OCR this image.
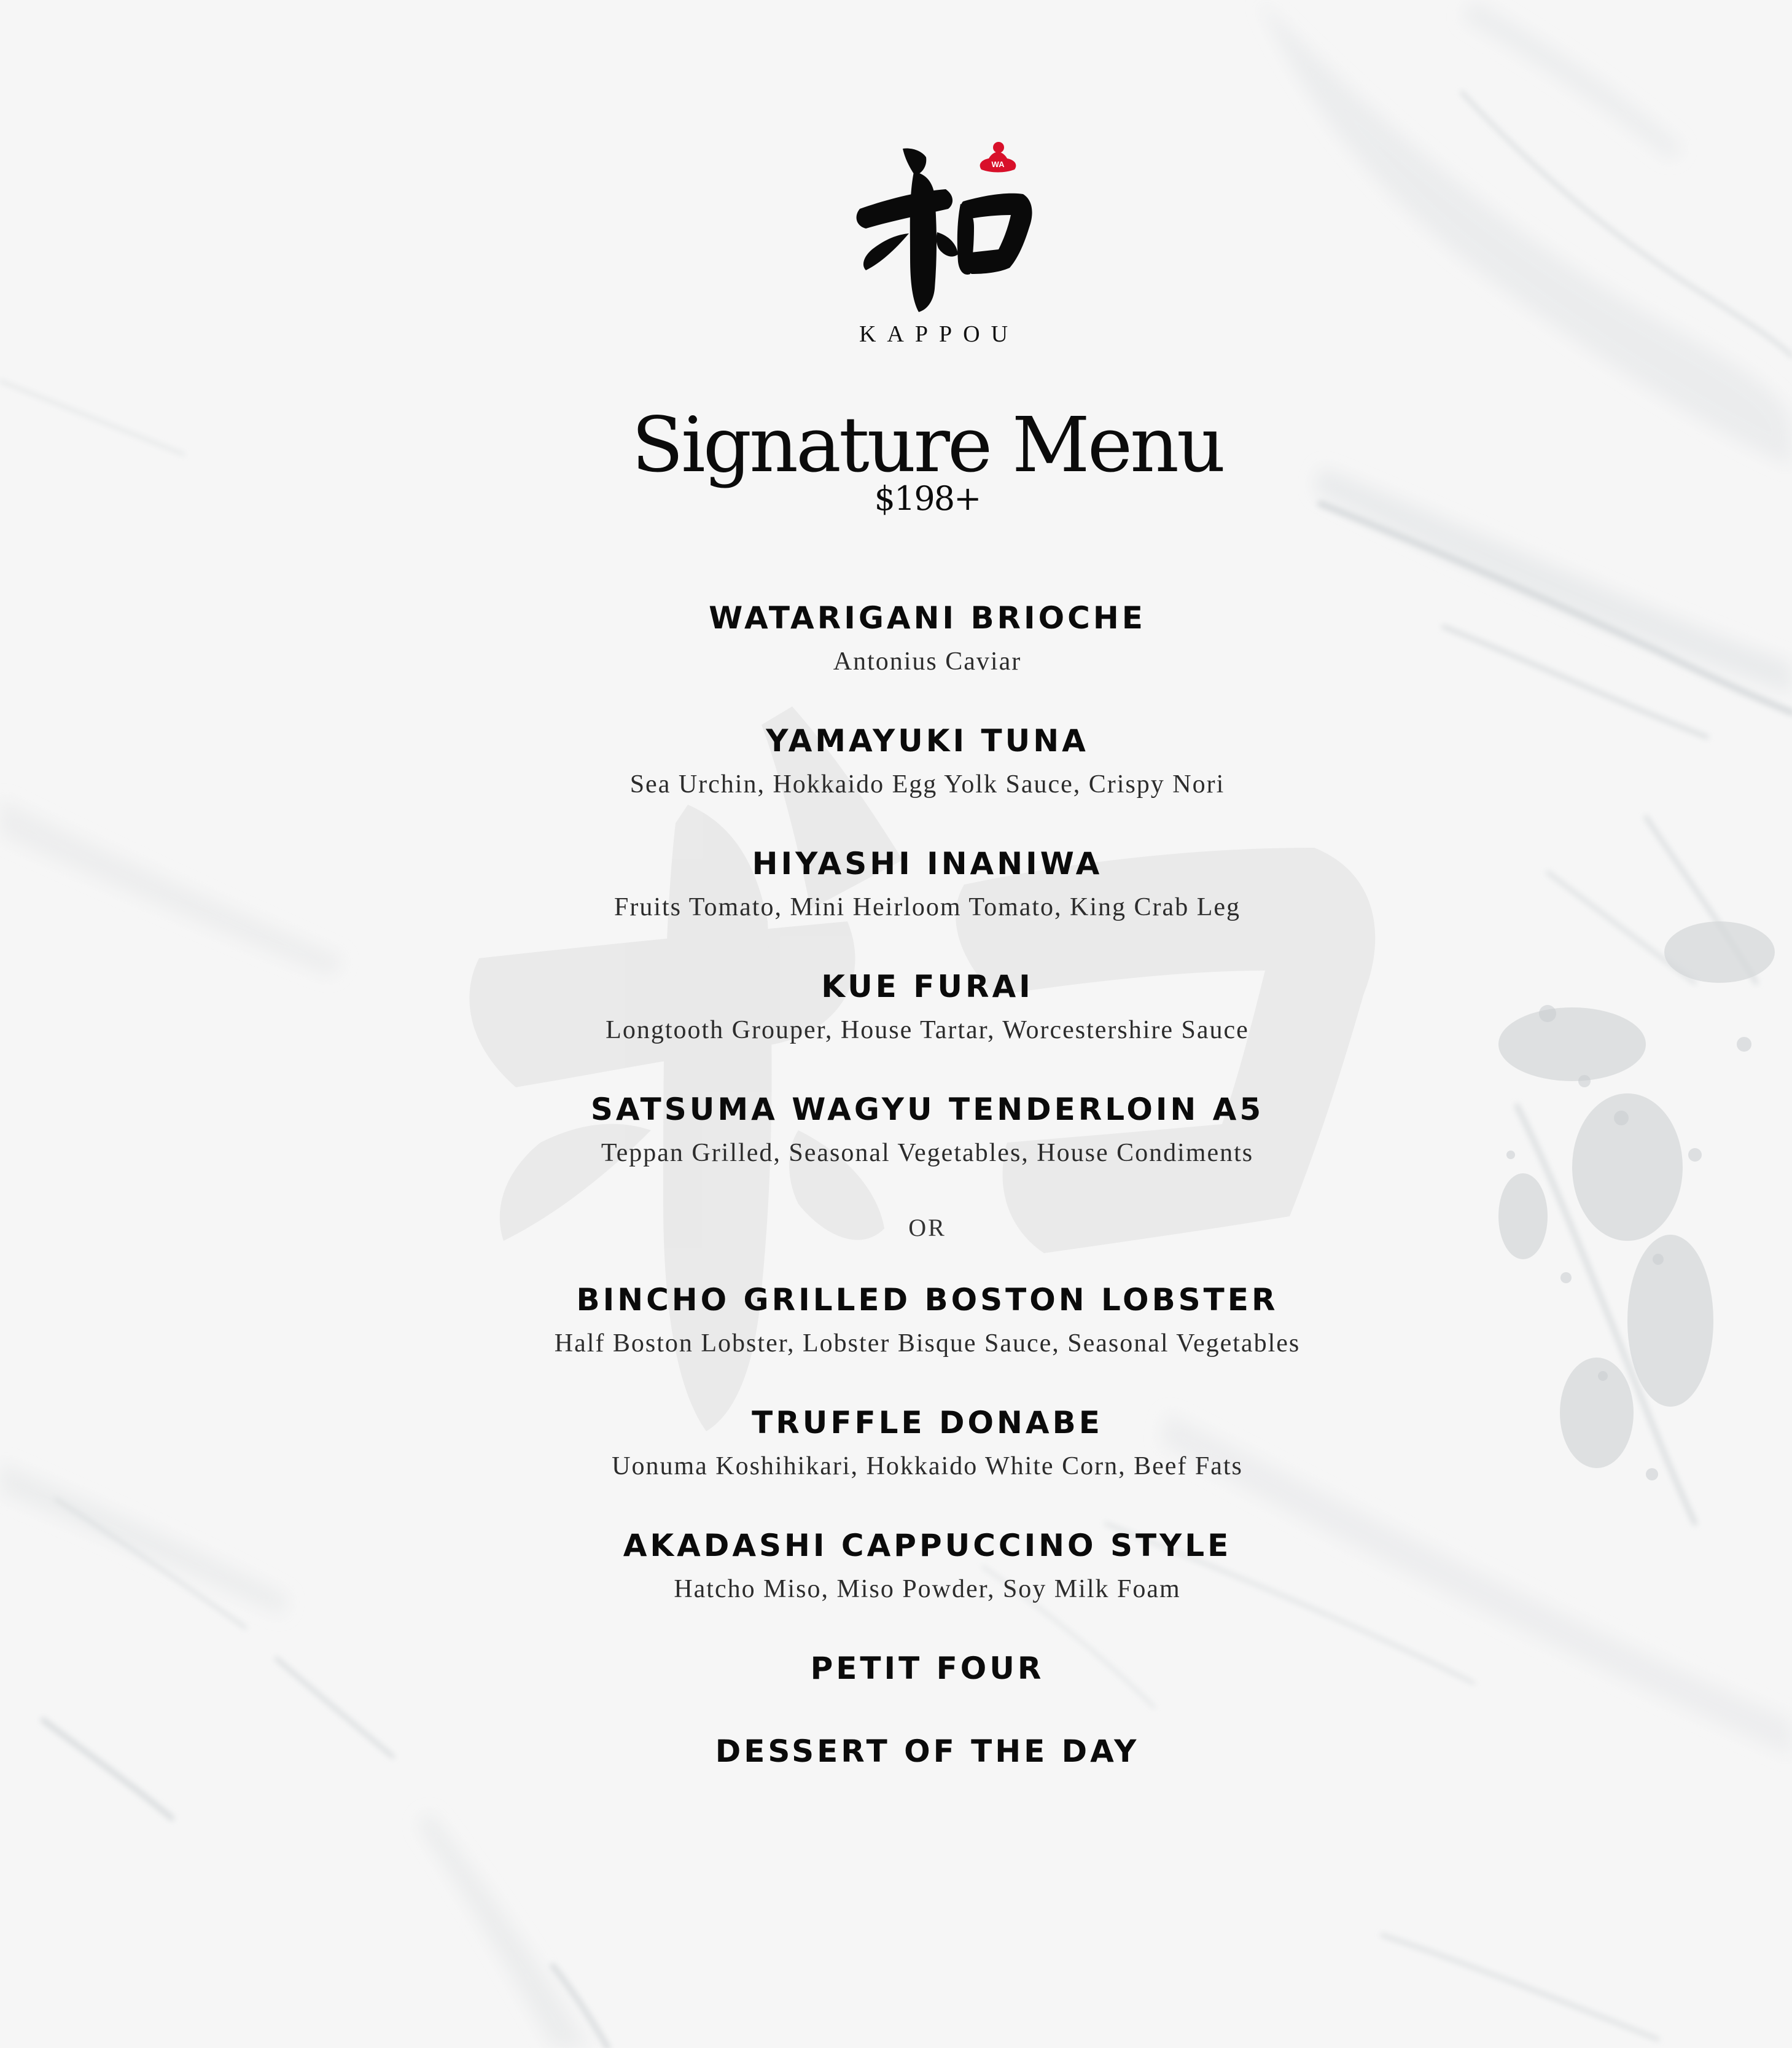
WA
KAPPOU
Signature Menu
$198+
WATARIGANI BRIOCHE
Antonius Caviar
YAMAYUKI TUNA
Sea Urchin, Hokkaido Egg Yolk Sauce, Crispy Nori
HIYASHI INANIWA
Fruits Tomato, Mini Heirloom Tomato, King Crab Leg
KUE FURAI
Longtooth Grouper, House Tartar, Worcestershire Sauce
SATSUMA WAGYU TENDERLOIN A5
Teppan Grilled, Seasonal Vegetables, House Condiments
OR
BINCHO GRILLED BOSTON LOBSTER
Half Boston Lobster, Lobster Bisque Sauce, Seasonal Vegetables
TRUFFLE DONABE
Uonuma Koshihikari, Hokkaido White Corn, Beef Fats
AKADASHI CAPPUCCINO STYLE
Hatcho Miso, Miso Powder, Soy Milk Foam
PETIT FOUR
DESSERT OF THE DAY
